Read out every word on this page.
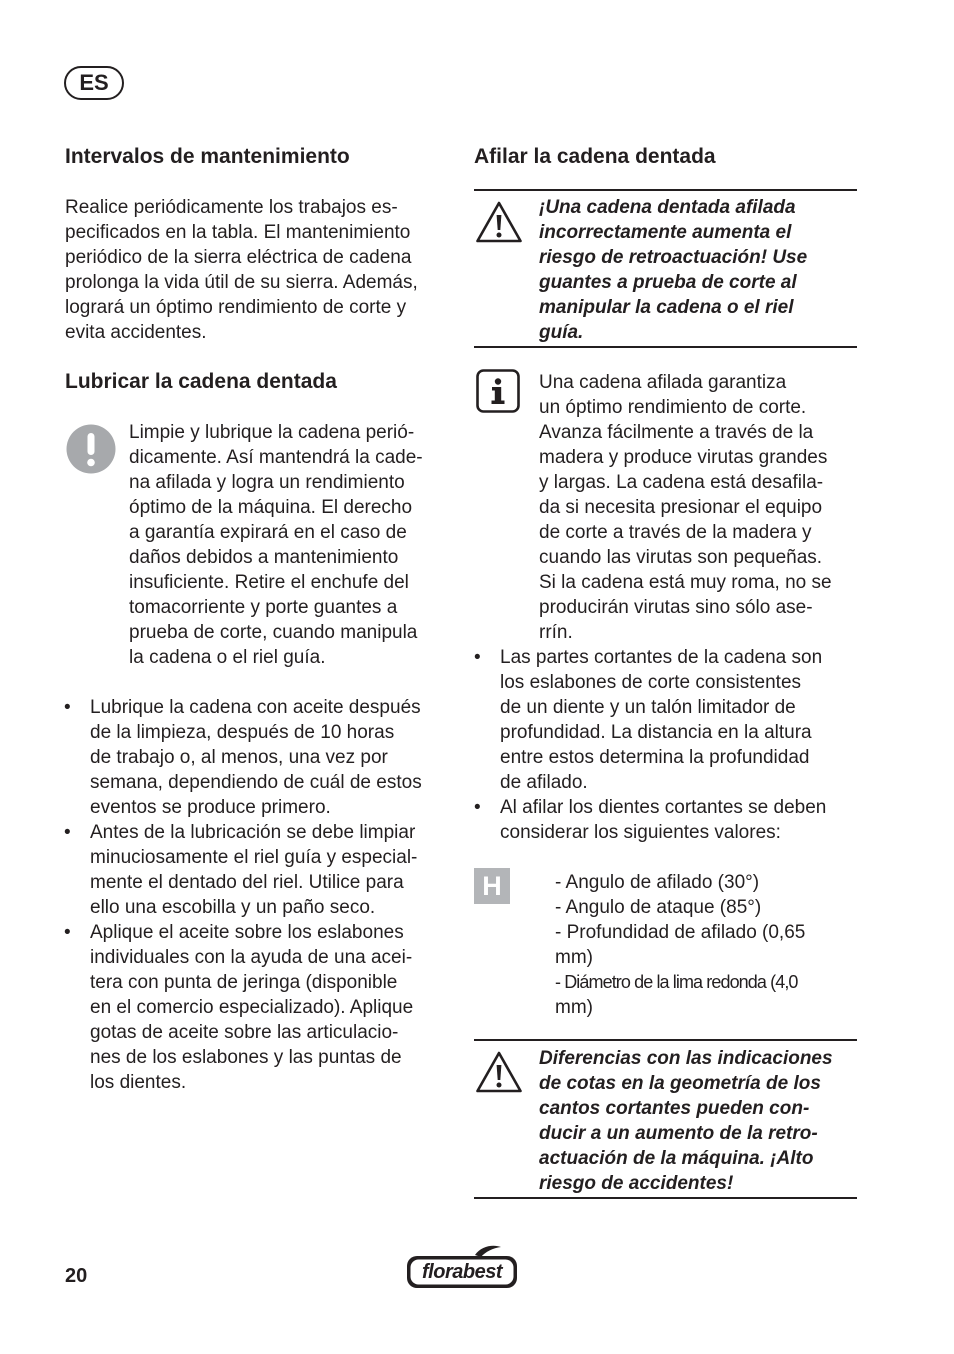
ES
Intervalos de mantenimiento
Realice periódicamente los trabajos es-
pecificados en la tabla. El mantenimiento
periódico de la sierra eléctrica de cadena
prolonga la vida útil de su sierra. Además,
logrará un óptimo rendimiento de corte y
evita accidentes.
Lubricar la cadena dentada
Limpie y lubrique la cadena perió-
dicamente. Así mantendrá la cade-
na afilada y logra un rendimiento
óptimo de la máquina. El derecho
a garantía expirará en el caso de
daños debidos a mantenimiento
insuficiente. Retire el enchufe del
tomacorriente y porte guantes a
prueba de corte, cuando manipula
la cadena o el riel guía.
• Lubrique la cadena con aceite después
de la limpieza, después de 10 horas
de trabajo o, al menos, una vez por
semana, dependiendo de cuál de estos
eventos se produce primero.
• Antes de la lubricación se debe limpiar
minuciosamente el riel guía y especial-
mente el dentado del riel. Utilice para
ello una escobilla y un paño seco.
• Aplique el aceite sobre los eslabones
individuales con la ayuda de una acei-
tera con punta de jeringa (disponible
en el comercio especializado). Aplique
gotas de aceite sobre las articulacio-
nes de los eslabones y las puntas de
los dientes.
Afilar la cadena dentada
¡Una cadena dentada afilada
incorrectamente aumenta el
riesgo de retroactuación! Use
guantes a prueba de corte al
manipular la cadena o el riel
guía.
Una cadena afilada garantiza
un óptimo rendimiento de corte.
Avanza fácilmente a través de la
madera y produce virutas grandes
y largas. La cadena está desafila-
da si necesita presionar el equipo
de corte a través de la madera y
cuando las virutas son pequeñas.
Si la cadena está muy roma, no se
producirán virutas sino sólo ase-
rrín.
• Las partes cortantes de la cadena son
los eslabones de corte consistentes
de un diente y un talón limitador de
profundidad. La distancia en la altura
entre estos determina la profundidad
de afilado.
• Al afilar los dientes cortantes se deben
considerar los siguientes valores:
H	- Angulo de afilado (30°)
- Angulo de ataque (85°)
- Profundidad de afilado (0,65
mm)
- Diámetro de la lima redonda (4,0
mm)
Diferencias con las indicaciones
de cotas en la geometría de los
cantos cortantes pueden con-
ducir a un aumento de la retro-
actuación de la máquina. ¡Alto
riesgo de accidentes!
20	florabest
